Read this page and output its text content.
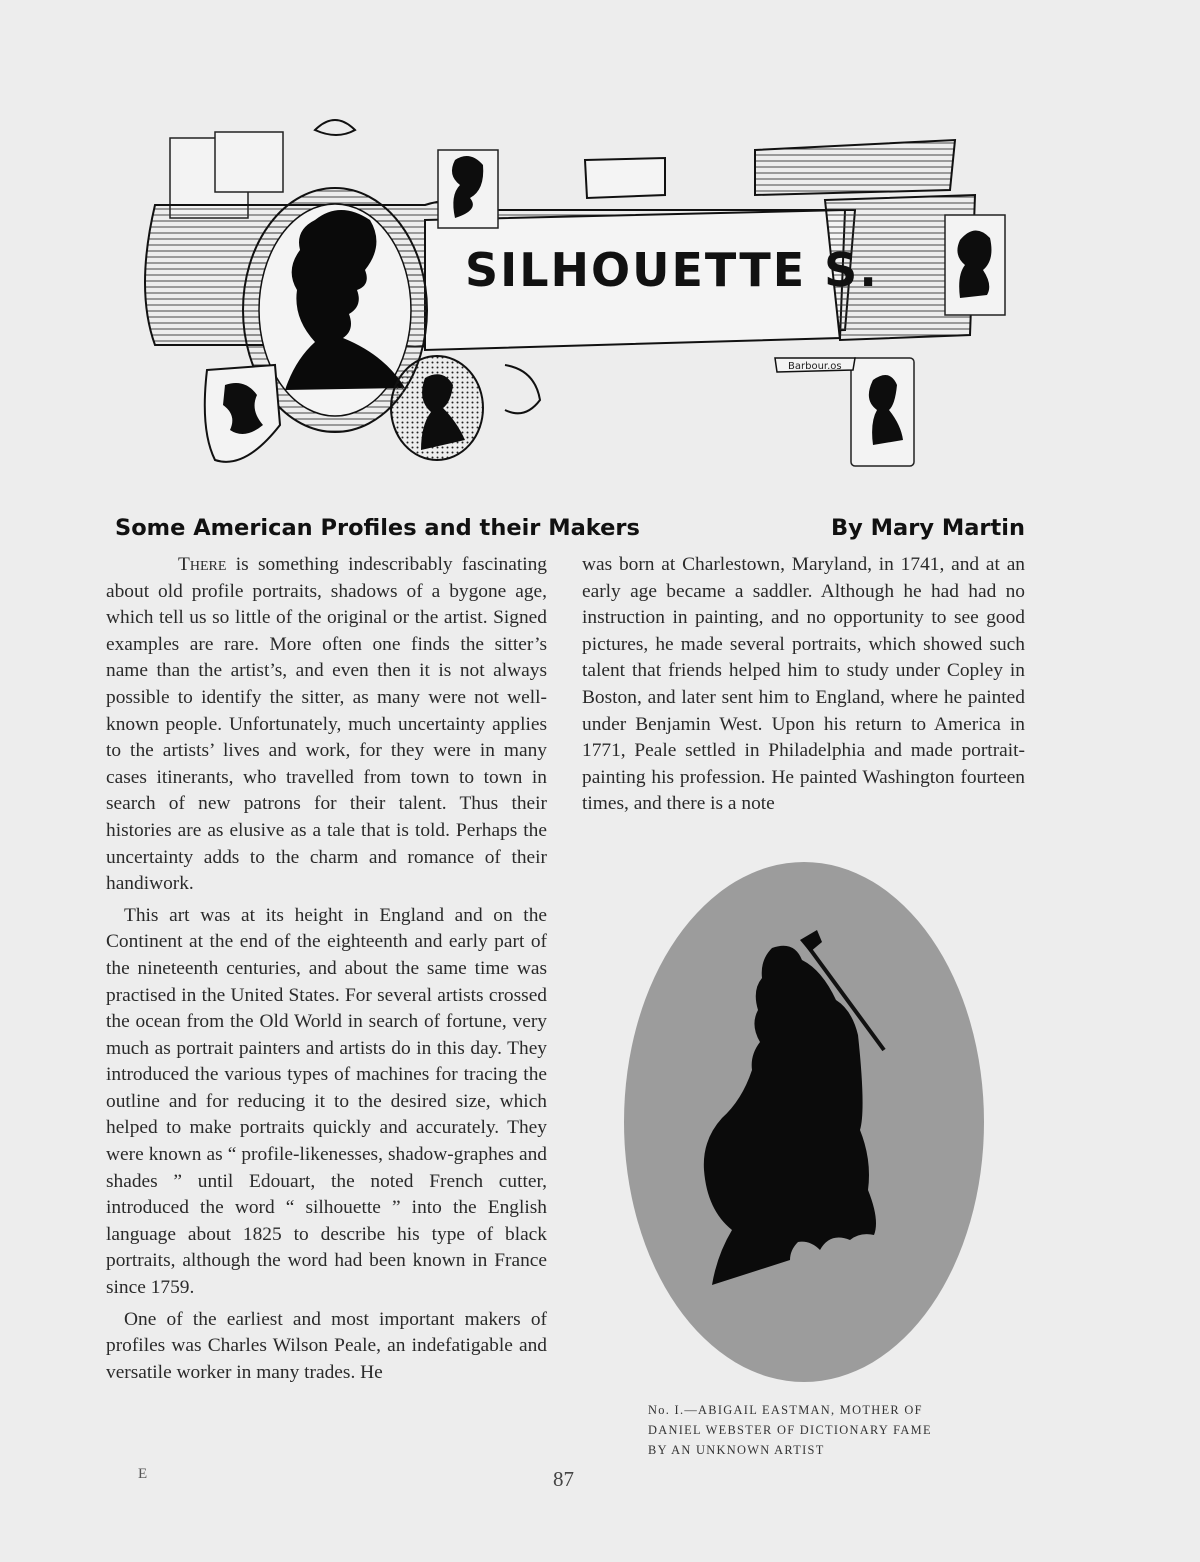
SILHOUETTE S.
Barbour.os
Some American Profiles and their Makers	By Mary Martin

There is something indescribably fascinating about old profile portraits, shadows of a bygone age, which tell us so little of the original or the artist. Signed examples are rare. More often one finds the sitter’s name than the artist’s, and even then it is not always possible to identify the sitter, as many were not well-known people. Unfortunately, much uncertainty applies to the artists’ lives and work, for they were in many cases itinerants, who travelled from town to town in search of new patrons for their talent. Thus their histories are as elusive as a tale that is told. Perhaps the uncertainty adds to the charm and romance of their handiwork.

This art was at its height in England and on the Continent at the end of the eighteenth and early part of the nineteenth centuries, and about the same time was practised in the United States. For several artists crossed the ocean from the Old World in search of fortune, very much as portrait painters and artists do in this day. They introduced the various types of machines for tracing the outline and for reducing it to the desired size, which helped to make portraits quickly and accurately. They were known as “ profile-likenesses, shadow-graphes and shades ” until Edouart, the noted French cutter, introduced the word “ silhouette ” into the English language about 1825 to describe his type of black portraits, although the word had been known in France since 1759.

One of the earliest and most important makers of profiles was Charles Wilson Peale, an indefatigable and versatile worker in many trades. He

was born at Charlestown, Maryland, in 1741, and at an early age became a saddler. Although he had had no instruction in painting, and no opportunity to see good pictures, he made several portraits, which showed such talent that friends helped him to study under Copley in Boston, and later sent him to England, where he painted under Benjamin West. Upon his return to America in 1771, Peale settled in Philadelphia and made portrait-painting his profession. He painted Washington fourteen times, and there is a note

No. I.—ABIGAIL EASTMAN, MOTHER OF
DANIEL WEBSTER OF DICTIONARY FAME
BY AN UNKNOWN ARTIST
E	87
